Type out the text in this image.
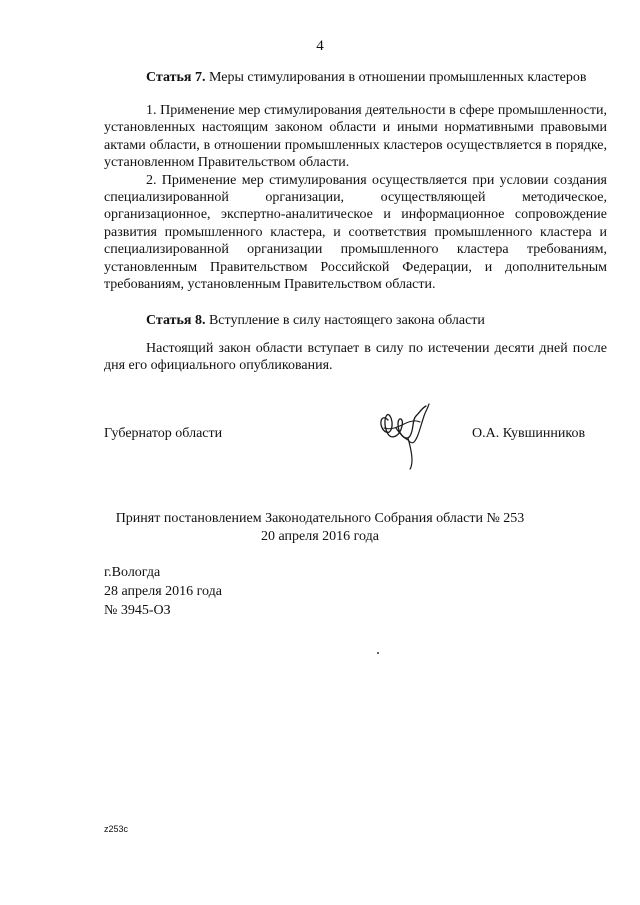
4
Статья 7. Меры стимулирования в отношении промышленных кластеров

1. Применение мер стимулирования деятельности в сфере промышленности, установленных настоящим законом области и иными нормативными правовыми актами области, в отношении промышленных кластеров осуществляется в порядке, установленном Правительством области.

2. Применение мер стимулирования осуществляется при условии создания специализированной организации, осуществляющей методическое, организационное, экспертно-аналитическое и информационное сопровождение развития промышленного кластера, и соответствия промышленного кластера и специализированной организации промышленного кластера требованиям, установленным Правительством Российской Федерации, и дополнительным требованиям, установленным Правительством области.

Статья 8. Вступление в силу настоящего закона области

Настоящий закон области вступает в силу по истечении десяти дней после дня его официального опубликования.

Губернатор области	О.А. Кувшинников
Принят постановлением Законодательного Собрания области № 253
20 апреля 2016 года
г.Вологда
28 апреля 2016 года
№ 3945-ОЗ
z253c
